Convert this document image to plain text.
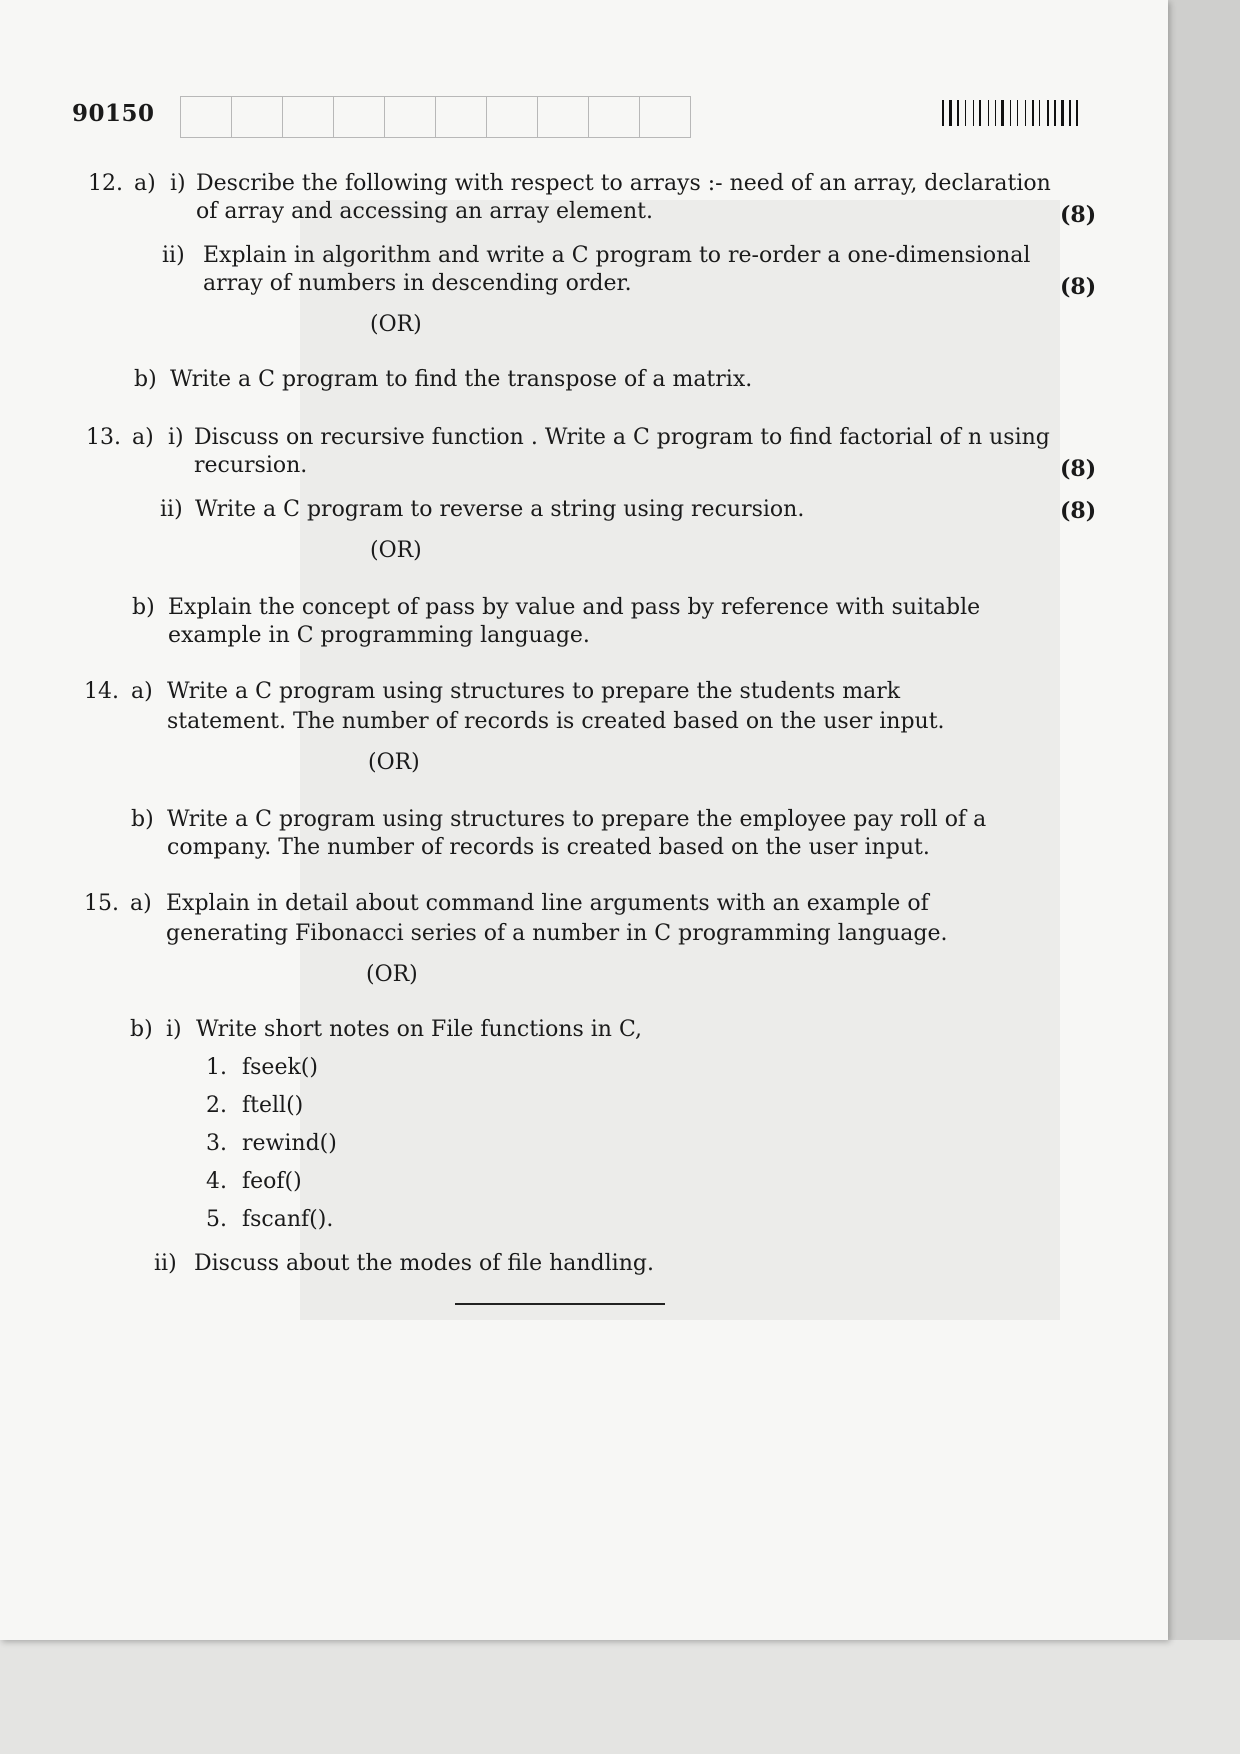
90150
12. a) i) Describe the following with respect to arrays :- need of an array, declaration
of array and accessing an array element.	(8)
ii) Explain in algorithm and write a C program to re-order a one-dimensional
array of numbers in descending order.	(8)
(OR)
b) Write a C program to find the transpose of a matrix.
13. a) i) Discuss on recursive function . Write a C program to find factorial of n using
recursion.	(8)
ii) Write a C program to reverse a string using recursion.	(8)
(OR)
b) Explain the concept of pass by value and pass by reference with suitable
example in C programming language.
14. a) Write a C program using structures to prepare the students mark
statement. The number of records is created based on the user input.
(OR)
b) Write a C program using structures to prepare the employee pay roll of a
company. The number of records is created based on the user input.
15. a) Explain in detail about command line arguments with an example of
generating Fibonacci series of a number in C programming language.
(OR)
b) i) Write short notes on File functions in C,
1. fseek()
2. ftell()
3. rewind()
4. feof()
5. fscanf().
ii) Discuss about the modes of file handling.
